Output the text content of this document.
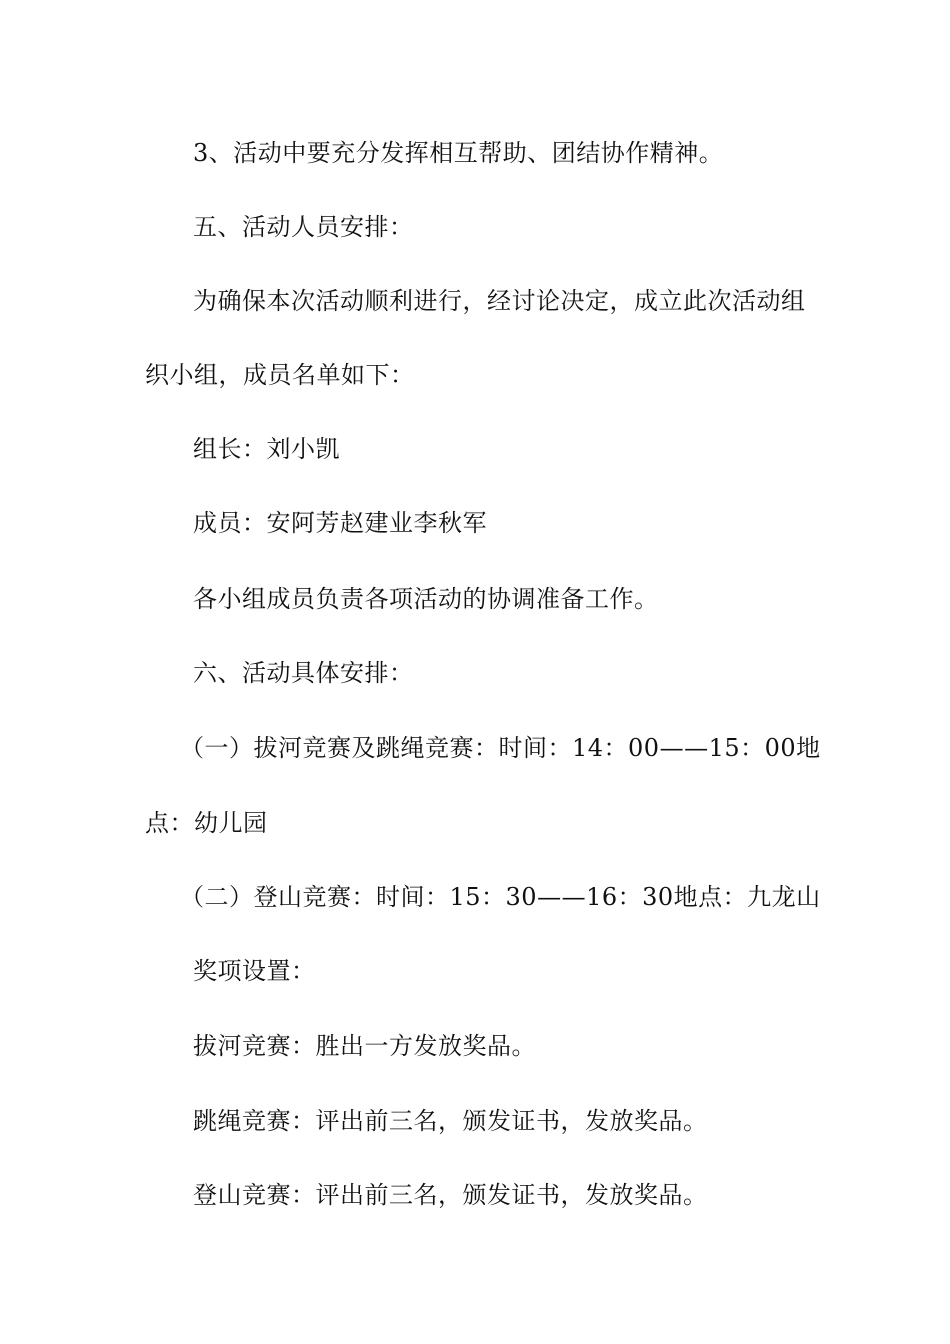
3、活动中要充分发挥相互帮助、团结协作精神。
五、活动人员安排：
为确保本次活动顺利进行，经讨论决定，成立此次活动组
织小组，成员名单如下：
组长：刘小凯
成员：安阿芳赵建业李秋军
各小组成员负责各项活动的协调准备工作。
六、活动具体安排：
（一）拔河竞赛及跳绳竞赛：时间：14：00——15：00地
点：幼儿园
（二）登山竞赛：时间：15：30——16：30地点：九龙山
奖项设置：
拔河竞赛：胜出一方发放奖品。
跳绳竞赛：评出前三名，颁发证书，发放奖品。
登山竞赛：评出前三名，颁发证书，发放奖品。
